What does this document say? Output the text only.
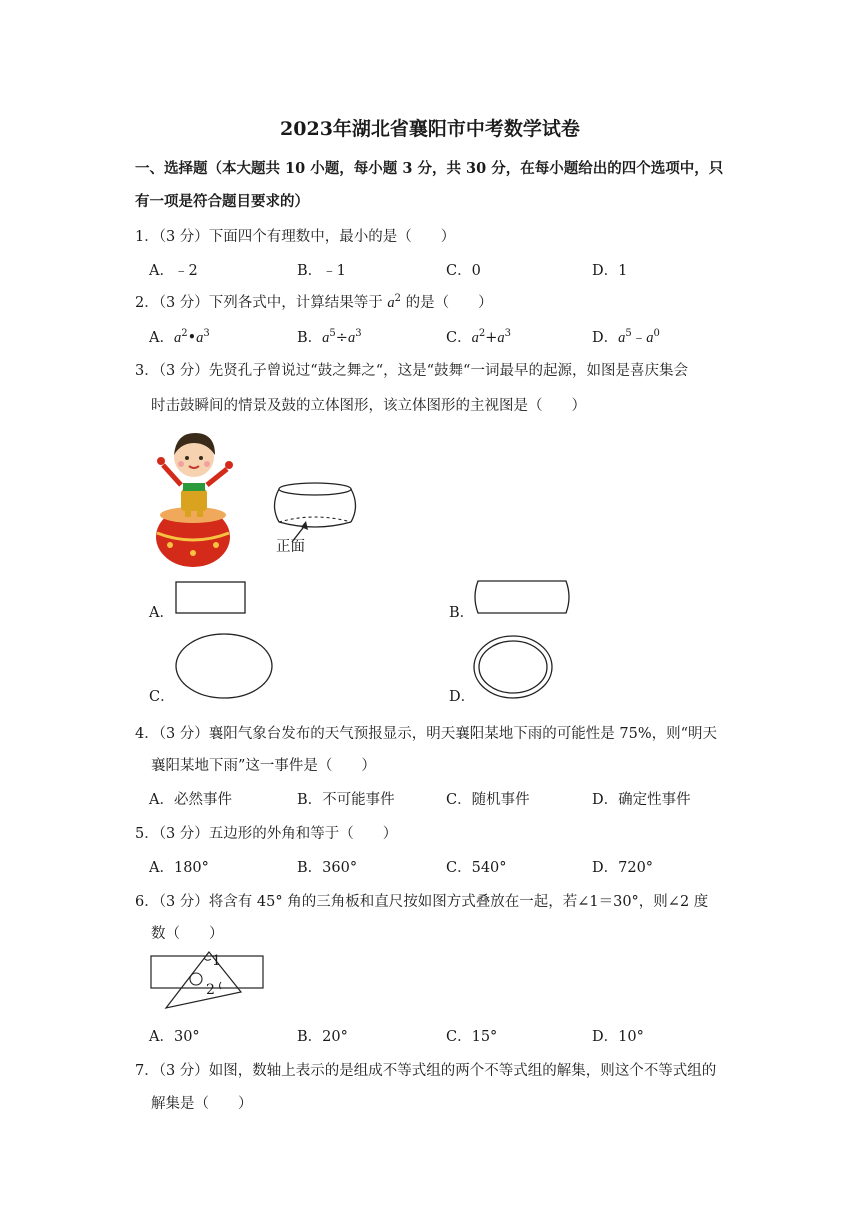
2023年湖北省襄阳市中考数学试卷
一、选择题（本大题共 10 小题，每小题 3 分，共 30 分，在每小题给出的四个选项中，只
有一项是符合题目要求的）
1．（3 分）下面四个有理数中，最小的是（　　）
A．﹣2	B．﹣1	C．0	D．1
2．（3 分）下列各式中，计算结果等于 $a^2$ 的是（　　）
A．$a^2•a^3$	B．$a^5\div a^3$	C．$a^2+a^3$	D．$a^5﹣a^0$
3．（3 分）先贤孔子曾说过“鼓之舞之“，这是“鼓舞“一词最早的起源，如图是喜庆集会
时击鼓瞬间的情景及鼓的立体图形，该立体图形的主视图是（　　）
正面
A．	B．
C．	D．
4．（3 分）襄阳气象台发布的天气预报显示，明天襄阳某地下雨的可能性是 75%，则“明天
襄阳某地下雨”这一事件是（　　）
A．必然事件	B．不可能事件	C．随机事件	D．确定性事件
5．（3 分）五边形的外角和等于（　　）
A．180°	B．360°	C．540°	D．720°
6．（3 分）将含有 45° 角的三角板和直尺按如图方式叠放在一起，若∠1＝30°，则∠2 度
数（　　）
1
2
A．30°	B．20°	C．15°	D．10°
7．（3 分）如图，数轴上表示的是组成不等式组的两个不等式组的解集，则这个不等式组的
解集是（　　）
